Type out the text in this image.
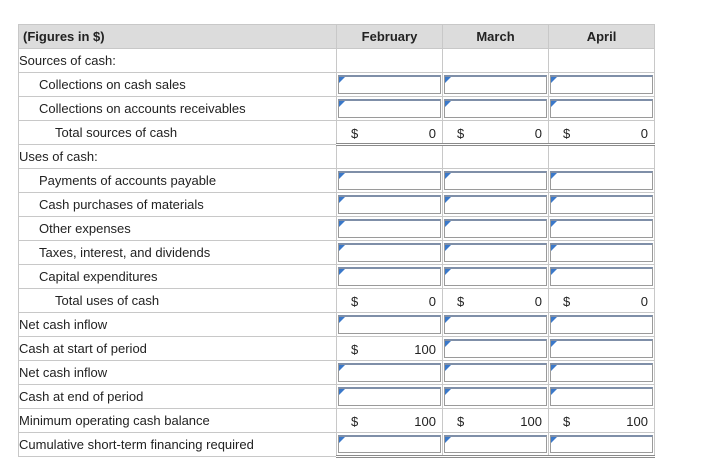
(Figures in $)	February	March	April
Sources of cash:			
Collections on cash sales	

Collections on accounts receivables	

Total sources of cash	$ 0	$ 0	$ 0

Uses of cash:			
Payments of accounts payable	

Cash purchases of materials	

Other expenses	

Taxes, interest, and dividends	

Capital expenditures	

Total uses of cash	$ 0	$ 0	$ 0

Net cash inflow	

Cash at start of period	$ 100		

Net cash inflow	

Cash at end of period	

Minimum operating cash balance	$ 100	$ 100	$ 100

Cumulative short-term financing required	
